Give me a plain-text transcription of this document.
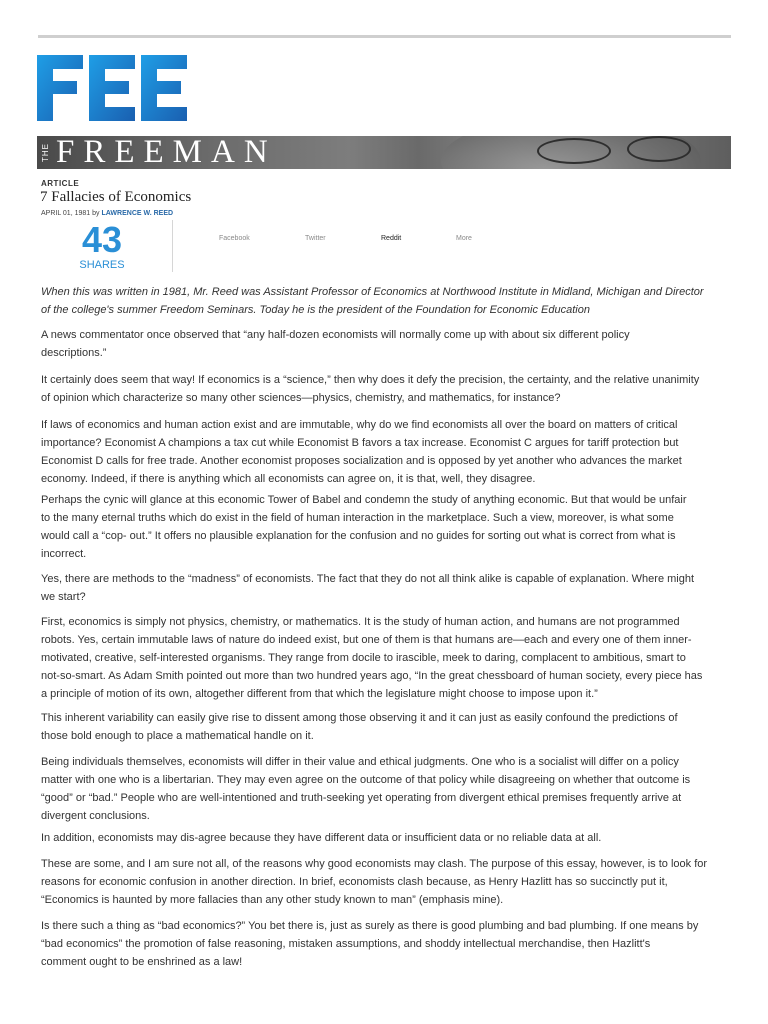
THE FREEMAN
ARTICLE
7 Fallacies of Economics
APRIL 01, 1981 by LAWRENCE W. REED
43
SHARES
Facebook	Twitter	Reddit	More
When this was written in 1981, Mr. Reed was Assistant Professor of Economics at Northwood Institute in Midland, Michigan and Director
of the college's summer Freedom Seminars. Today he is the president of the Foundation for Economic Education
A news commentator once observed that “any half-dozen economists will normally come up with about six different policy
descriptions.”
It certainly does seem that way! If economics is a “science,” then why does it defy the precision, the certainty, and the relative unanimity
of opinion which characterize so many other sciences—physics, chemistry, and mathematics, for instance?
If laws of economics and human action exist and are immutable, why do we find economists all over the board on matters of critical
importance? Economist A champions a tax cut while Economist B favors a tax increase. Economist C argues for tariff protection but
Economist D calls for free trade. Another economist proposes socialization and is opposed by yet another who advances the market
economy. Indeed, if there is anything which all economists can agree on, it is that, well, they disagree.
Perhaps the cynic will glance at this economic Tower of Babel and condemn the study of anything economic. But that would be unfair
to the many eternal truths which do exist in the field of human interaction in the marketplace. Such a view, moreover, is what some
would call a “cop- out.” It offers no plausible explanation for the confusion and no guides for sorting out what is correct from what is
incorrect.
Yes, there are methods to the “madness” of economists. The fact that they do not all think alike is capable of explanation. Where might
we start?
First, economics is simply not physics, chemistry, or mathematics. It is the study of human action, and humans are not programmed
robots. Yes, certain immutable laws of nature do indeed exist, but one of them is that humans are—each and every one of them inner-
motivated, creative, self-interested organisms. They range from docile to irascible, meek to daring, complacent to ambitious, smart to
not-so-smart. As Adam Smith pointed out more than two hundred years ago, “In the great chessboard of human society, every piece has
a principle of motion of its own, altogether different from that which the legislature might choose to impose upon it.”
This inherent variability can easily give rise to dissent among those observing it and it can just as easily confound the predictions of
those bold enough to place a mathematical handle on it.
Being individuals themselves, economists will differ in their value and ethical judgments. One who is a socialist will differ on a policy
matter with one who is a libertarian. They may even agree on the outcome of that policy while disagreeing on whether that outcome is
“good” or “bad.” People who are well-intentioned and truth-seeking yet operating from divergent ethical premises frequently arrive at
divergent conclusions.
In addition, economists may dis-agree because they have different data or insufficient data or no reliable data at all.
These are some, and I am sure not all, of the reasons why good economists may clash. The purpose of this essay, however, is to look for
reasons for economic confusion in another direction. In brief, economists clash because, as Henry Hazlitt has so succinctly put it,
“Economics is haunted by more fallacies than any other study known to man” (emphasis mine).
Is there such a thing as “bad economics?” You bet there is, just as surely as there is good plumbing and bad plumbing. If one means by
“bad economics” the promotion of false reasoning, mistaken assumptions, and shoddy intellectual merchandise, then Hazlitt's
comment ought to be enshrined as a law!
